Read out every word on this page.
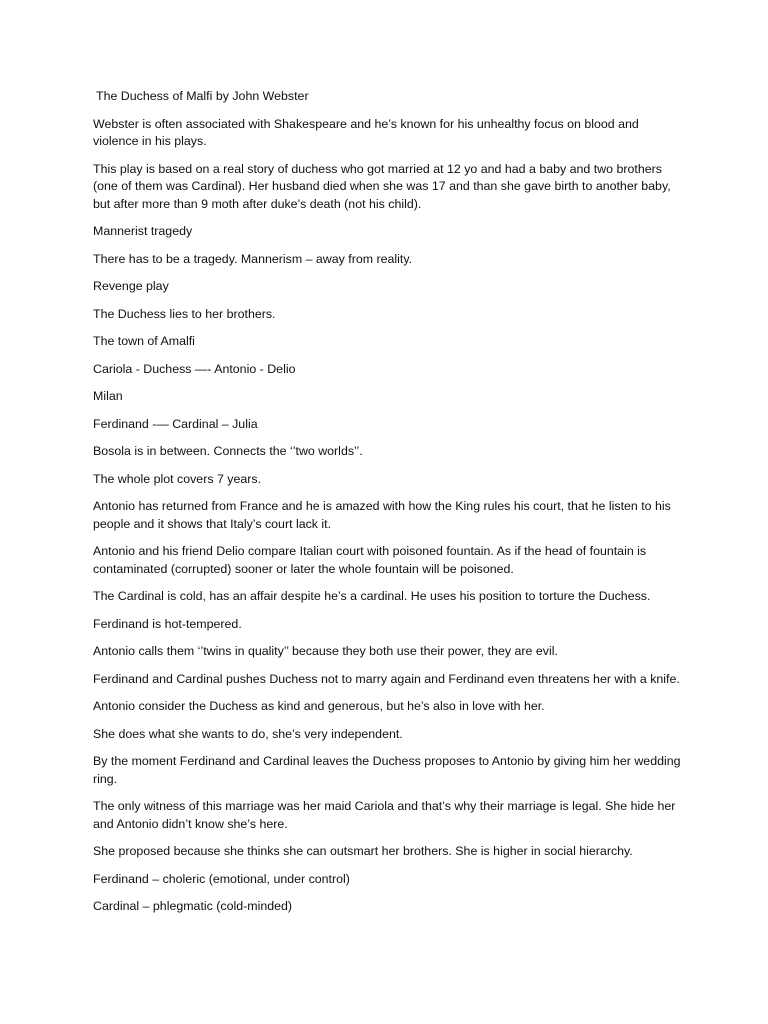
The Duchess of Malfi by John Webster

Webster is often associated with Shakespeare and he’s known for his unhealthy focus on blood and violence in his plays.

This play is based on a real story of duchess who got married at 12 yo and had a baby and two brothers (one of them was Cardinal). Her husband died when she was 17 and than she gave birth to another baby, but after more than 9 moth after duke’s death (not his child).

Mannerist tragedy

There has to be a tragedy. Mannerism – away from reality.

Revenge play

The Duchess lies to her brothers.

The town of Amalfi

Cariola - Duchess —- Antonio - Delio

Milan

Ferdinand -— Cardinal – Julia

Bosola is in between. Connects the ‘’two worlds’’.

The whole plot covers 7 years.

Antonio has returned from France and he is amazed with how the King rules his court, that he listen to his people and it shows that Italy’s court lack it.

Antonio and his friend Delio compare Italian court with poisoned fountain. As if the head of fountain is contaminated (corrupted) sooner or later the whole fountain will be poisoned.

The Cardinal is cold, has an affair despite he’s a cardinal. He uses his position to torture the Duchess.

Ferdinand is hot-tempered.

Antonio calls them ‘’twins in quality’’ because they both use their power, they are evil.

Ferdinand and Cardinal pushes Duchess not to marry again and Ferdinand even threatens her with a knife.

Antonio consider the Duchess as kind and generous, but he’s also in love with her.

She does what she wants to do, she’s very independent.

By the moment Ferdinand and Cardinal leaves the Duchess proposes to Antonio by giving him her wedding ring.

The only witness of this marriage was her maid Cariola and that’s why their marriage is legal. She hide her and Antonio didn’t know she’s here.

She proposed because she thinks she can outsmart her brothers. She is higher in social hierarchy.

Ferdinand – choleric (emotional, under control)

Cardinal – phlegmatic (cold-minded)
